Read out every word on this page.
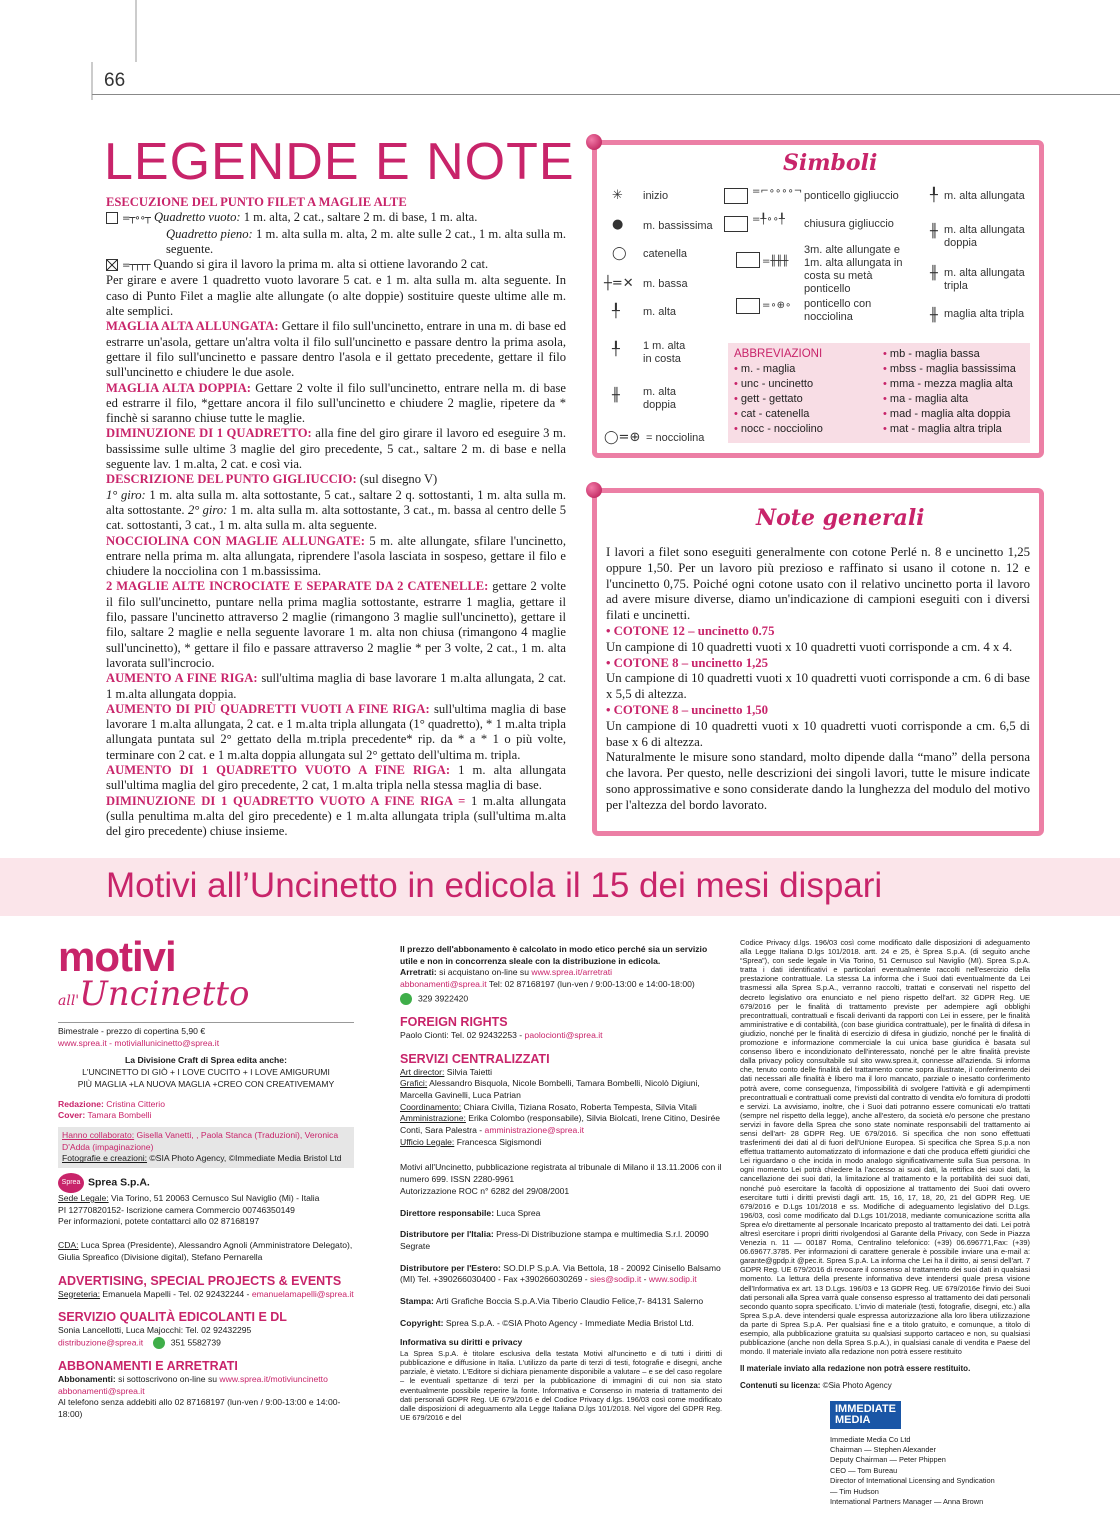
66
LEGENDE E NOTE

ESECUZIONE DEL PUNTO FILET A MAGLIE ALTE

=┬∘∘┬ Quadretto vuoto: 1 m. alta, 2 cat., saltare 2 m. di base, 1 m. alta.
Quadretto pieno: 1 m. alta sulla m. alta, 2 m. alte sulle 2 cat., 1 m. alta sulla m. seguente.
=┬┬┬┬ Quando si gira il lavoro la prima m. alta si ottiene lavorando 2 cat.

Per girare e avere 1 quadretto vuoto lavorare 5 cat. e 1 m. alta sulla m. alta seguente. In caso di Punto Filet a maglie alte allungate (o alte doppie) sostituire queste ultime alle m. alte semplici.

MAGLIA ALTA ALLUNGATA: Gettare il filo sull'uncinetto, entrare in una m. di base ed estrarre un'asola, gettare un'altra volta il filo sull'uncinetto e passare dentro la prima asola, gettare il filo sull'uncinetto e passare dentro l'asola e il gettato precedente, gettare il filo sull'uncinetto e chiudere le due asole.

MAGLIA ALTA DOPPIA: Gettare 2 volte il filo sull'uncinetto, entrare nella m. di base ed estrarre il filo, *gettare ancora il filo sull'uncinetto e chiudere 2 maglie, ripetere da * finchè si saranno chiuse tutte le maglie.

DIMINUZIONE DI 1 QUADRETTO: alla fine del giro girare il lavoro ed eseguire 3 m. bassissime sulle ultime 3 maglie del giro precedente, 5 cat., saltare 2 m. di base e nella seguente lav. 1 m.alta, 2 cat. e così via.

DESCRIZIONE DEL PUNTO GIGLIUCCIO: (sul disegno V)

1° giro: 1 m. alta sulla m. alta sottostante, 5 cat., saltare 2 q. sottostanti, 1 m. alta sulla m. alta sottostante. 2° giro: 1 m. alta sulla m. alta sottostante, 3 cat., m. bassa al centro delle 5 cat. sottostanti, 3 cat., 1 m. alta sulla m. alta seguente.

NOCCIOLINA CON MAGLIE ALLUNGATE: 5 m. alte allungate, sfilare l'uncinetto, entrare nella prima m. alta allungata, riprendere l'asola lasciata in sospeso, gettare il filo e chiudere la nocciolina con 1 m.bassissima.

2 MAGLIE ALTE INCROCIATE E SEPARATE DA 2 CATENELLE: gettare 2 volte il filo sull'uncinetto, puntare nella prima maglia sottostante, estrarre 1 maglia, gettare il filo, passare l'uncinetto attraverso 2 maglie (rimangono 3 maglie sull'uncinetto), gettare il filo, saltare 2 maglie e nella seguente lavorare 1 m. alta non chiusa (rimangono 4 maglie sull'uncinetto), * gettare il filo e passare attraverso 2 maglie * per 3 volte, 2 cat., 1 m. alta lavorata sull'incrocio.

AUMENTO A FINE RIGA: sull'ultima maglia di base lavorare 1 m.alta allungata, 2 cat. 1 m.alta allungata doppia.

AUMENTO DI PIÙ QUADRETTI VUOTI A FINE RIGA: sull'ultima maglia di base lavorare 1 m.alta allungata, 2 cat. e 1 m.alta tripla allungata (1° quadretto), * 1 m.alta tripla allungata puntata sul 2° gettato della m.tripla precedente* rip. da * a * 1 o più volte, terminare con 2 cat. e 1 m.alta doppia allungata sul 2° gettato dell'ultima m. tripla.

AUMENTO DI 1 QUADRETTO VUOTO A FINE RIGA: 1 m. alta allungata sull'ultima maglia del giro precedente, 2 cat, 1 m.alta tripla nella stessa maglia di base.

DIMINUZIONE DI 1 QUADRETTO VUOTO A FINE RIGA = 1 m.alta allungata (sulla penultima m.alta del giro precedente) e 1 m.alta allungata tripla (sull'ultima m.alta del giro precedente) chiuse insieme.

Simboli
✳
●
◯
┼=✕
╀
╀
╫
◯=⊕
inizio
m. bassissima
catenella
m. bassa
m. alta
1 m. alta in costa
m. alta doppia
= nocciolina
=⌐∘∘∘∘¬
=╀∘∘╀
=╫╫╫
=∘⊕∘
ponticello gigliuccio
chiusura gigliuccio
3m. alte allungate e 1m. alta allungata in costa su metà ponticello
ponticello con nocciolina
╀
╫
╫
╫
m. alta allungata
m. alta allungata doppia
m. alta allungata tripla
maglia alta tripla
ABBREVIAZIONI
• m. - maglia
• unc - uncinetto
• gett - gettato
• cat - catenella
• nocc - nocciolino
• mb - maglia bassa
• mbss - maglia bassissima
• mma - mezza maglia alta
• ma - maglia alta
• mad - maglia alta doppia
• mat - maglia altra tripla
Note generali

I lavori a filet sono eseguiti generalmente con cotone Perlé n. 8 e uncinetto 1,25 oppure 1,50. Per un lavoro più prezioso e raffinato si usano il cotone n. 12 e l'uncinetto 0,75. Poiché ogni cotone usato con il relativo uncinetto porta il lavoro ad avere misure diverse, diamo un'indicazione di campioni eseguiti con i diversi filati e uncinetti.

• COTONE 12 – uncinetto 0.75

Un campione di 10 quadretti vuoti x 10 quadretti vuoti corrisponde a cm. 4 x 4.

• COTONE 8 – uncinetto 1,25

Un campione di 10 quadretti vuoti x 10 quadretti vuoti corrisponde a cm. 6 di base x 5,5 di altezza.

• COTONE 8 – uncinetto 1,50

Un campione di 10 quadretti vuoti x 10 quadretti vuoti corrisponde a cm. 6,5 di base x 6 di altezza.

Naturalmente le misure sono standard, molto dipende dalla “mano” della persona che lavora. Per questo, nelle descrizioni dei singoli lavori, tutte le misure indicate sono approssimative e sono considerate dando la lunghezza del modulo del motivo per l'altezza del bordo lavorato.

Motivi all’Uncinetto in edicola il 15 dei mesi dispari
motivi
all'Uncinetto

Bimestrale - prezzo di copertina 5,90 €

www.sprea.it - motiviallunicinetto@sprea.it

La Divisione Craft di Sprea edita anche:

L'UNCINETTO DI GIÒ + I LOVE CUCITO + I LOVE AMIGURUMI

PIÙ MAGLIA +LA NUOVA MAGLIA +CREO CON CREATIVEMAMY

Redazione: Cristina Citterio

Cover: Tamara Bombelli

Hanno collaborato: Gisella Vanetti, , Paola Stanca (Traduzioni), Veronica D'Adda (impaginazione)

Fotografie e creazioni: ©SIA Photo Agency, ©Immediate Media Bristol Ltd

Sprea Sprea S.p.A.

Sede Legale: Via Torino, 51 20063 Cernusco Sul Naviglio (Mi) - Italia

PI 12770820152- Iscrizione camera Commercio 00746350149

Per informazioni, potete contattarci allo 02 87168197

CDA: Luca Sprea (Presidente), Alessandro Agnoli (Amministratore Delegato), Giulia Spreafico (Divisione digital), Stefano Pernarella

ADVERTISING, SPECIAL PROJECTS & EVENTS

Segreteria: Emanuela Mapelli - Tel. 02 92432244 - emanuelamapelli@sprea.it

SERVIZIO QUALITÀ EDICOLANTI E DL

Sonia Lancellotti, Luca Majocchi: Tel. 02 92432295

distribuzione@sprea.it	351 5582739

ABBONAMENTI E ARRETRATI

Abbonamenti: si sottoscrivono on-line su www.sprea.it/motiviuncinetto

abbonamenti@sprea.it

Al telefono senza addebiti allo 02 87168197 (lun-ven / 9:00-13:00 e 14:00-18:00)

Il prezzo dell'abbonamento è calcolato in modo etico perché sia un servizio utile e non in concorrenza sleale con la distribuzione in edicola.

Arretrati: si acquistano on-line su www.sprea.it/arretrati

abbonamenti@sprea.it Tel: 02 87168197 (lun-ven / 9:00-13:00 e 14:00-18:00)

329 3922420

FOREIGN RIGHTS

Paolo Cionti: Tel. 02 92432253 - paolocionti@sprea.it

SERVIZI CENTRALIZZATI

Art director: Silvia Taietti

Grafici: Alessandro Bisquola, Nicole Bombelli, Tamara Bombelli, Nicolò Digiuni, Marcella Gavinelli, Luca Patrian

Coordinamento: Chiara Civilla, Tiziana Rosato, Roberta Tempesta, Silvia Vitali

Amministrazione: Erika Colombo (responsabile), Silvia Biolcati, Irene Citino, Desirée Conti, Sara Palestra - amministrazione@sprea.it

Ufficio Legale: Francesca Sigismondi

Motivi all'Uncinetto, pubblicazione registrata al tribunale di Milano il 13.11.2006 con il numero 699. ISSN 2280-9961

Autorizzazione ROC n° 6282 del 29/08/2001

Direttore responsabile: Luca Sprea

Distributore per l'Italia: Press-Di Distribuzione stampa e multimedia S.r.l. 20090 Segrate

Distributore per l'Estero: SO.DI.P S.p.A. Via Bettola, 18 - 20092 Cinisello Balsamo (MI) Tel. +390266030400 - Fax +390266030269 - sies@sodip.it - www.sodip.it

Stampa: Arti Grafiche Boccia S.p.A.Via Tiberio Claudio Felice,7- 84131 Salerno

Copyright: Sprea S.p.A. - ©SIA Photo Agency - Immediate Media Bristol Ltd.

Informativa su diritti e privacy

La Sprea S.p.A. è titolare esclusiva della testata Motivi all'uncinetto e di tutti i diritti di pubblicazione e diffusione in Italia. L'utilizzo da parte di terzi di testi, fotografie e disegni, anche parziale, è vietato. L'Editore si dichiara pienamente disponibile a valutare – e se del caso regolare – le eventuali spettanze di terzi per la pubblicazione di immagini di cui non sia stato eventualmente possibile reperire la fonte. Informativa e Consenso in materia di trattamento dei dati personali GDPR Reg. UE 679/2016 e del Codice Privacy d.lgs. 196/03 così come modificato dalle disposizioni di adeguamento alla Legge Italiana D.lgs 101/2018. Nel vigore del GDPR Reg. UE 679/2016 e del

Codice Privacy d.lgs. 196/03 così come modificato dalle disposizioni di adeguamento alla Legge Italiana D.lgs 101/2018. artt. 24 e 25, è Sprea S.p.A. (di seguito anche “Sprea”), con sede legale in Via Torino, 51 Cernusco sul Naviglio (MI). Sprea S.p.A. tratta i dati identificativi e particolari eventualmente raccolti nell'esercizio della prestazione contrattuale. La stessa La informa che i Suoi dati eventualmente da Lei trasmessi alla Sprea S.p.A., verranno raccolti, trattati e conservati nel rispetto del decreto legislativo ora enunciato e nel pieno rispetto dell'art. 32 GDPR Reg. UE 679/2016 per le finalità di trattamento previste per adempiere agli obblighi precontrattuali, contrattuali e fiscali derivanti da rapporti con Lei in essere, per le finalità amministrative e di contabilità, (con base giuridica contrattuale), per le finalità di difesa in giudizio, nonché per le finalità di esercizio di difesa in giudizio, nonché per le finalità di promozione e informazione commerciale la cui unica base giuridica è basata sul consenso libero e incondizionato dell'interessato, nonché per le altre finalità previste dalla privacy policy consultabile sul sito www.sprea.it, connesse all'azienda. Si informa che, tenuto conto delle finalità del trattamento come sopra illustrate, il conferimento dei dati necessari alle finalità è libero ma il loro mancato, parziale o inesatto conferimento potrà avere, come conseguenza, l'impossibilità di svolgere l'attività e gli adempimenti precontrattuali e contrattuali come previsti dal contratto di vendita e/o fornitura di prodotti e servizi. La avvisiamo, inoltre, che i Suoi dati potranno essere comunicati e/o trattati (sempre nel rispetto della legge), anche all'estero, da società e/o persone che prestano servizi in favore della Sprea che sono state nominate responsabili del trattamento ai sensi dell'art- 28 GDPR Reg. UE 679/2016. Si specifica che non sono effettuati trasferimenti dei dati al di fuori dell'Unione Europea. Si specifica che Sprea S.p.a non effettua trattamento automatizzato di informazione e dati che produca effetti giuridici che Lei riguardano o che incida in modo analogo significativamente sulla Sua persona. In ogni momento Lei potrà chiedere la l'accesso ai suoi dati, la rettifica dei suoi dati, la cancellazione dei suoi dati, la limitazione al trattamento e la portabilità dei suoi dati, nonché può esercitare la facoltà di opposizione al trattamento dei Suoi dati ovvero esercitare tutti i diritti previsti dagli artt. 15, 16, 17, 18, 20, 21 del GDPR Reg. UE 679/2016 e D.Lgs 101/2018 e ss. Modifiche di adeguamento legislativo del D.Lgs. 196/03, così come modificato dal D.Lgs 101/2018, mediante comunicazione scritta alla Sprea e/o direttamente al personale Incaricato preposto al trattamento dei dati. Lei potrà altresì esercitare i propri diritti rivolgendosi al Garante della Privacy, con Sede in Piazza Venezia n. 11 — 00187 Roma, Centralino telefonico: (+39) 06.696771,Fax: (+39) 06.69677.3785. Per informazioni di carattere generale è possibile inviare una e-mail a: garante@gpdp.it @pec.it. Sprea S.p.A. La informa che Lei ha il diritto, ai sensi dell'art. 7 GDPR Reg. UE 679/2016 di revocare il consenso al trattamento dei suoi dati in qualsiasi momento. La lettura della presente informativa deve intendersi quale presa visione dell'Informativa ex art. 13 D.Lgs. 196/03 e 13 GDPR Reg. UE 679/2016e l'invio dei Suoi dati personali alla Sprea varrà quale consenso espresso al trattamento dei dati personali secondo quanto sopra specificato. L'invio di materiale (testi, fotografie, disegni, etc.) alla Sprea S.p.A. deve intendersi quale espressa autorizzazione alla loro libera utilizzazione da parte di Sprea S.p.A. Per qualsiasi fine e a titolo gratuito, e comunque, a titolo di esempio, alla pubblicazione gratuita su qualsiasi supporto cartaceo e non, su qualsiasi pubblicazione (anche non della Sprea S.p.A.), in qualsiasi canale di vendita e Paese del mondo. Il materiale inviato alla redazione non potrà essere restituito

Il materiale inviato alla redazione non potrà essere restituito.

Contenuti su licenza: ©Sia Photo Agency

IMMEDIATE
MEDIA

Immediate Media Co Ltd

Chairman — Stephen Alexander

Deputy Chairman — Peter Phippen

CEO — Tom Bureau

Director of International Licensing and Syndication

— Tim Hudson

International Partners Manager — Anna Brown
